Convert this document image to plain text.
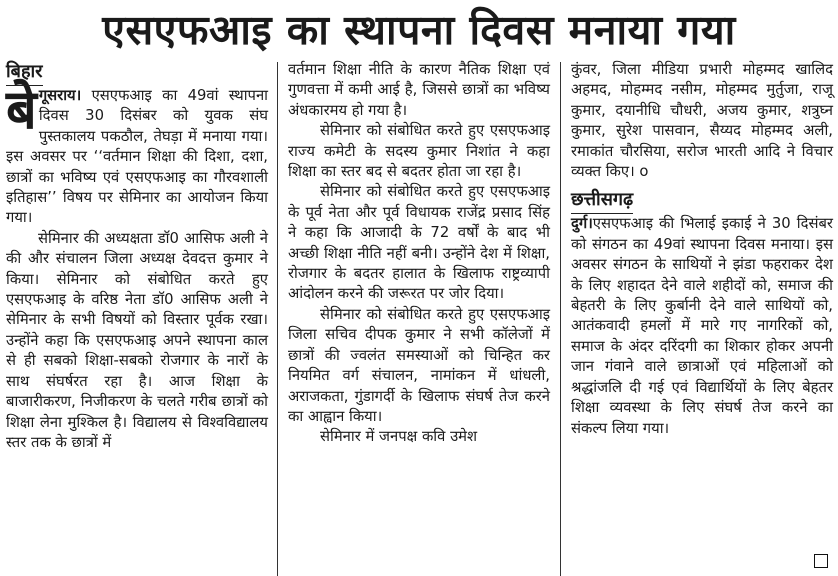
एसएफआइ का स्थापना दिवस मनाया गया
बिहार

बेगूसराय। एसएफआइ का 49वां स्थापना दिवस 30 दिसंबर को युवक संघ पुस्तकालय पकठौल, तेघड़ा में मनाया गया। इस अवसर पर ‘‘वर्तमान शिक्षा की दिशा, दशा, छात्रों का भविष्य एवं एसएफआइ का गौरवशाली इतिहास’’ विषय पर सेमिनार का आयोजन किया गया।

सेमिनार की अध्यक्षता डॉ0 आसिफ अली ने की और संचालन जिला अध्यक्ष देवदत्त कुमार ने किया। सेमिनार को संबोधित करते हुए एसएफआइ के वरिष्ठ नेता डॉ0 आसिफ अली ने सेमिनार के सभी विषयों को विस्तार पूर्वक रखा। उन्होंने कहा कि एसएफआइ अपने स्थापना काल से ही सबको शिक्षा-सबको रोजगार के नारों के साथ संघर्षरत रहा है। आज शिक्षा के बाजारीकरण, निजीकरण के चलते गरीब छात्रों को शिक्षा लेना मुश्किल है। विद्यालय से विश्वविद्यालय स्तर तक के छात्रों में

वर्तमान शिक्षा नीति के कारण नैतिक शिक्षा एवं गुणवत्ता में कमी आई है, जिससे छात्रों का भविष्य अंधकारमय हो गया है।

सेमिनार को संबोधित करते हुए एसएफआइ राज्य कमेटी के सदस्य कुमार निशांत ने कहा शिक्षा का स्तर बद से बदतर होता जा रहा है।

सेमिनार को संबोधित करते हुए एसएफआइ के पूर्व नेता और पूर्व विधायक राजेंद्र प्रसाद सिंह ने कहा कि आजादी के 72 वर्षों के बाद भी अच्छी शिक्षा नीति नहीं बनी। उन्होंने देश में शिक्षा, रोजगार के बदतर हालात के खिलाफ राष्ट्रव्यापी आंदोलन करने की जरूरत पर जोर दिया।

सेमिनार को संबोधित करते हुए एसएफआइ जिला सचिव दीपक कुमार ने सभी कॉलेजों में छात्रों की ज्वलंत समस्याओं को चिन्हित कर नियमित वर्ग संचालन, नामांकन में धांधली, अराजकता, गुंडागर्दी के खिलाफ संघर्ष तेज करने का आह्वान किया।

सेमिनार में जनपक्ष कवि उमेश

कुंवर, जिला मीडिया प्रभारी मोहम्मद खालिद अहमद, मोहम्मद नसीम, मोहम्मद मुर्तुजा, राजू कुमार, दयानीधि चौधरी, अजय कुमार, शत्रुघ्न कुमार, सुरेश पासवान, सैय्यद मोहम्मद अली, रमाकांत चौरसिया, सरोज भारती आदि ने विचार व्यक्त किए। o

छत्तीसगढ़

दुर्ग।एसएफआइ की भिलाई इकाई ने 30 दिसंबर को संगठन का 49वां स्थापना दिवस मनाया। इस अवसर संगठन के साथियों ने झंडा फहराकर देश के लिए शहादत देने वाले शहीदों को, समाज की बेहतरी के लिए कुर्बानी देने वाले साथियों को, आतंकवादी हमलों में मारे गए नागरिकों को, समाज के अंदर दरिंदगी का शिकार होकर अपनी जान गंवाने वाले छात्राओं एवं महिलाओं को श्रद्धांजलि दी गई एवं विद्यार्थियों के लिए बेहतर शिक्षा व्यवस्था के लिए संघर्ष तेज करने का संकल्प लिया गया।
